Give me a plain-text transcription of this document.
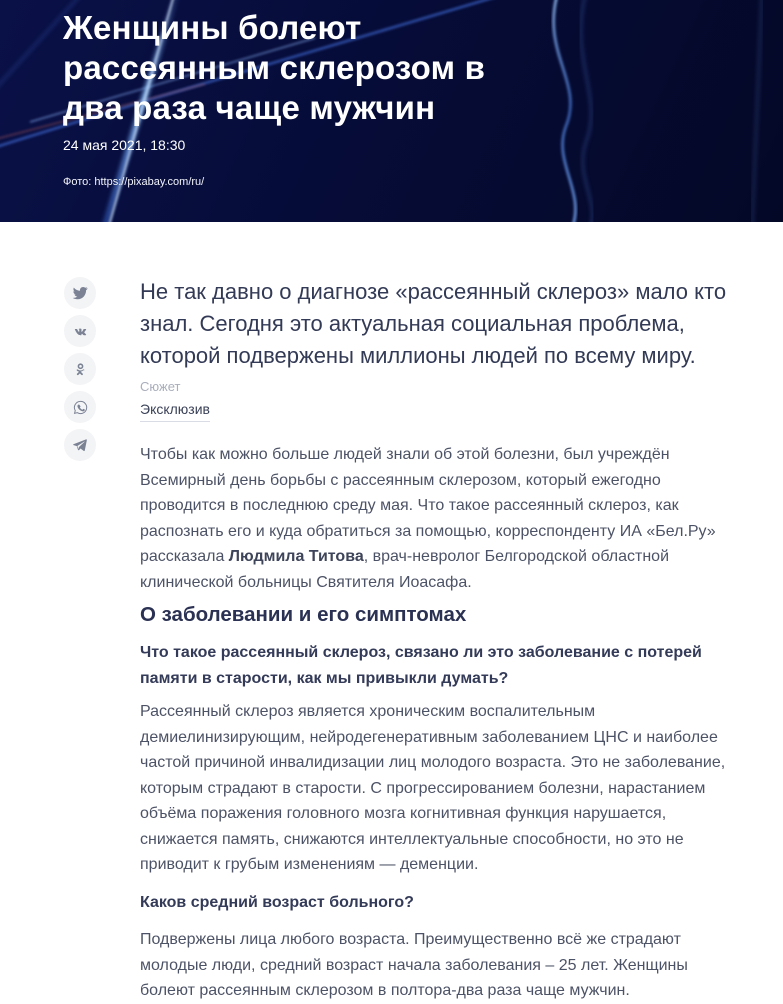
Женщины болеют рассеянным склерозом в два раза чаще мужчин
24 мая 2021, 18:30
Фото: https://pixabay.com/ru/

Не так давно о диагнозе «рассеянный склероз» мало кто знал. Сегодня это актуальная социальная проблема, которой подвержены миллионы людей по всему миру.

Сюжет
Эксклюзив

Чтобы как можно больше людей знали об этой болезни, был учреждён Всемирный день борьбы с рассеянным склерозом, который ежегодно проводится в последнюю среду мая. Что такое рассеянный склероз, как распознать его и куда обратиться за помощью, корреспонденту ИА «Бел.Ру» рассказала Людмила Титова, врач-невролог Белгородской областной клинической больницы Святителя Иоасафа.

О заболевании и его симптомах

Что такое рассеянный склероз, связано ли это заболевание с потерей памяти в старости, как мы привыкли думать?

Рассеянный склероз является хроническим воспалительным демиелинизирующим, нейродегенеративным заболеванием ЦНС и наиболее частой причиной инвалидизации лиц молодого возраста. Это не заболевание, которым страдают в старости. С прогрессированием болезни, нарастанием объёма поражения головного мозга когнитивная функция нарушается, снижается память, снижаются интеллектуальные способности, но это не приводит к грубым изменениям — деменции.

Каков средний возраст больного?

Подвержены лица любого возраста. Преимущественно всё же страдают молодые люди, средний возраст начала заболевания – 25 лет. Женщины болеют рассеянным склерозом в полтора-два раза чаще мужчин.
